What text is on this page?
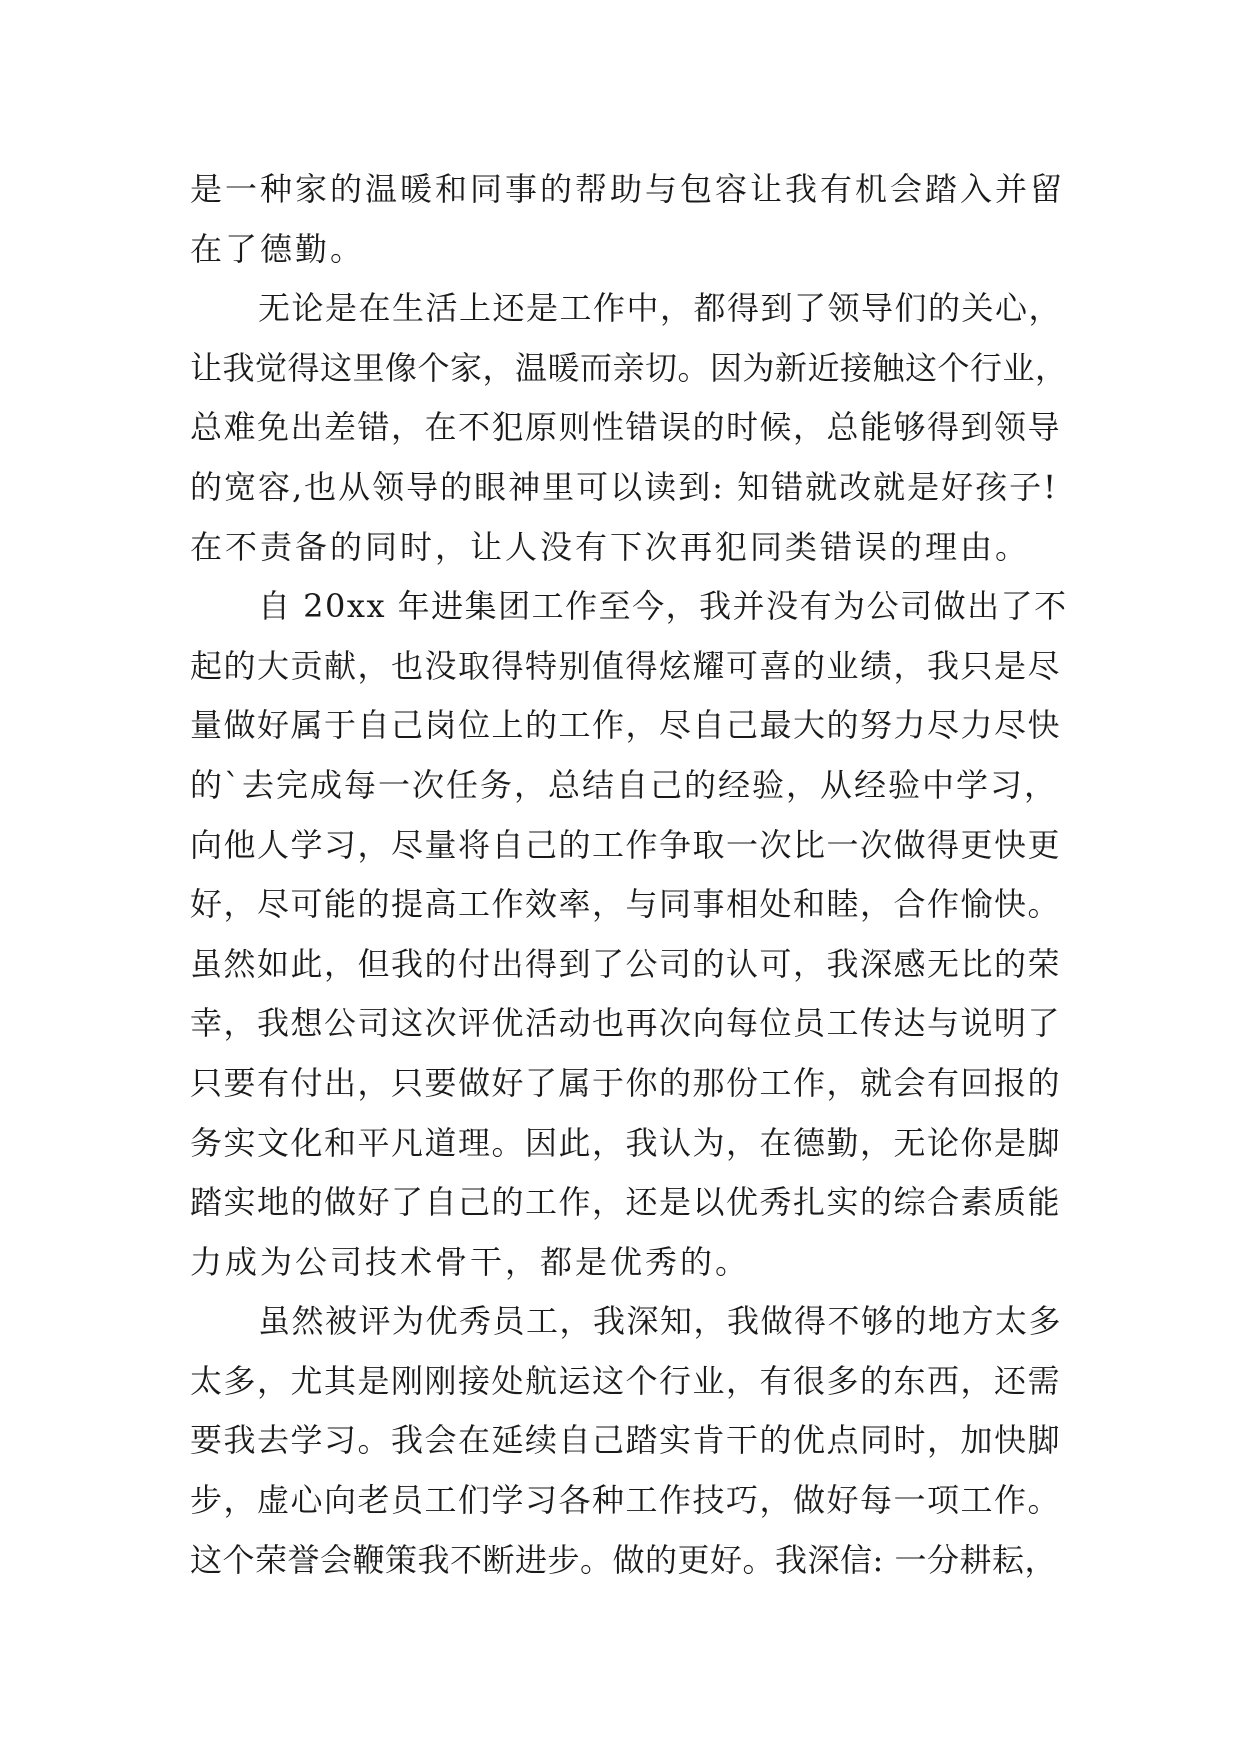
是一种家的温暖和同事的帮助与包容让我有机会踏入并留
在了德勤。
无论是在生活上还是工作中，都得到了领导们的关心，
让我觉得这里像个家，温暖而亲切。因为新近接触这个行业，
总难免出差错，在不犯原则性错误的时候，总能够得到领导
的宽容,也从领导的眼神里可以读到: 知错就改就是好孩子!
在不责备的同时，让人没有下次再犯同类错误的理由。
自 20xx 年进集团工作至今，我并没有为公司做出了不
起的大贡献，也没取得特别值得炫耀可喜的业绩，我只是尽
量做好属于自己岗位上的工作，尽自己最大的努力尽力尽快
的`去完成每一次任务，总结自己的经验，从经验中学习，
向他人学习，尽量将自己的工作争取一次比一次做得更快更
好，尽可能的提高工作效率，与同事相处和睦，合作愉快。
虽然如此，但我的付出得到了公司的认可，我深感无比的荣
幸，我想公司这次评优活动也再次向每位员工传达与说明了
只要有付出，只要做好了属于你的那份工作，就会有回报的
务实文化和平凡道理。因此，我认为，在德勤，无论你是脚
踏实地的做好了自己的工作，还是以优秀扎实的综合素质能
力成为公司技术骨干，都是优秀的。
虽然被评为优秀员工，我深知，我做得不够的地方太多
太多，尤其是刚刚接处航运这个行业，有很多的东西，还需
要我去学习。我会在延续自己踏实肯干的优点同时，加快脚
步，虚心向老员工们学习各种工作技巧，做好每一项工作。
这个荣誉会鞭策我不断进步。做的更好。我深信: 一分耕耘，
